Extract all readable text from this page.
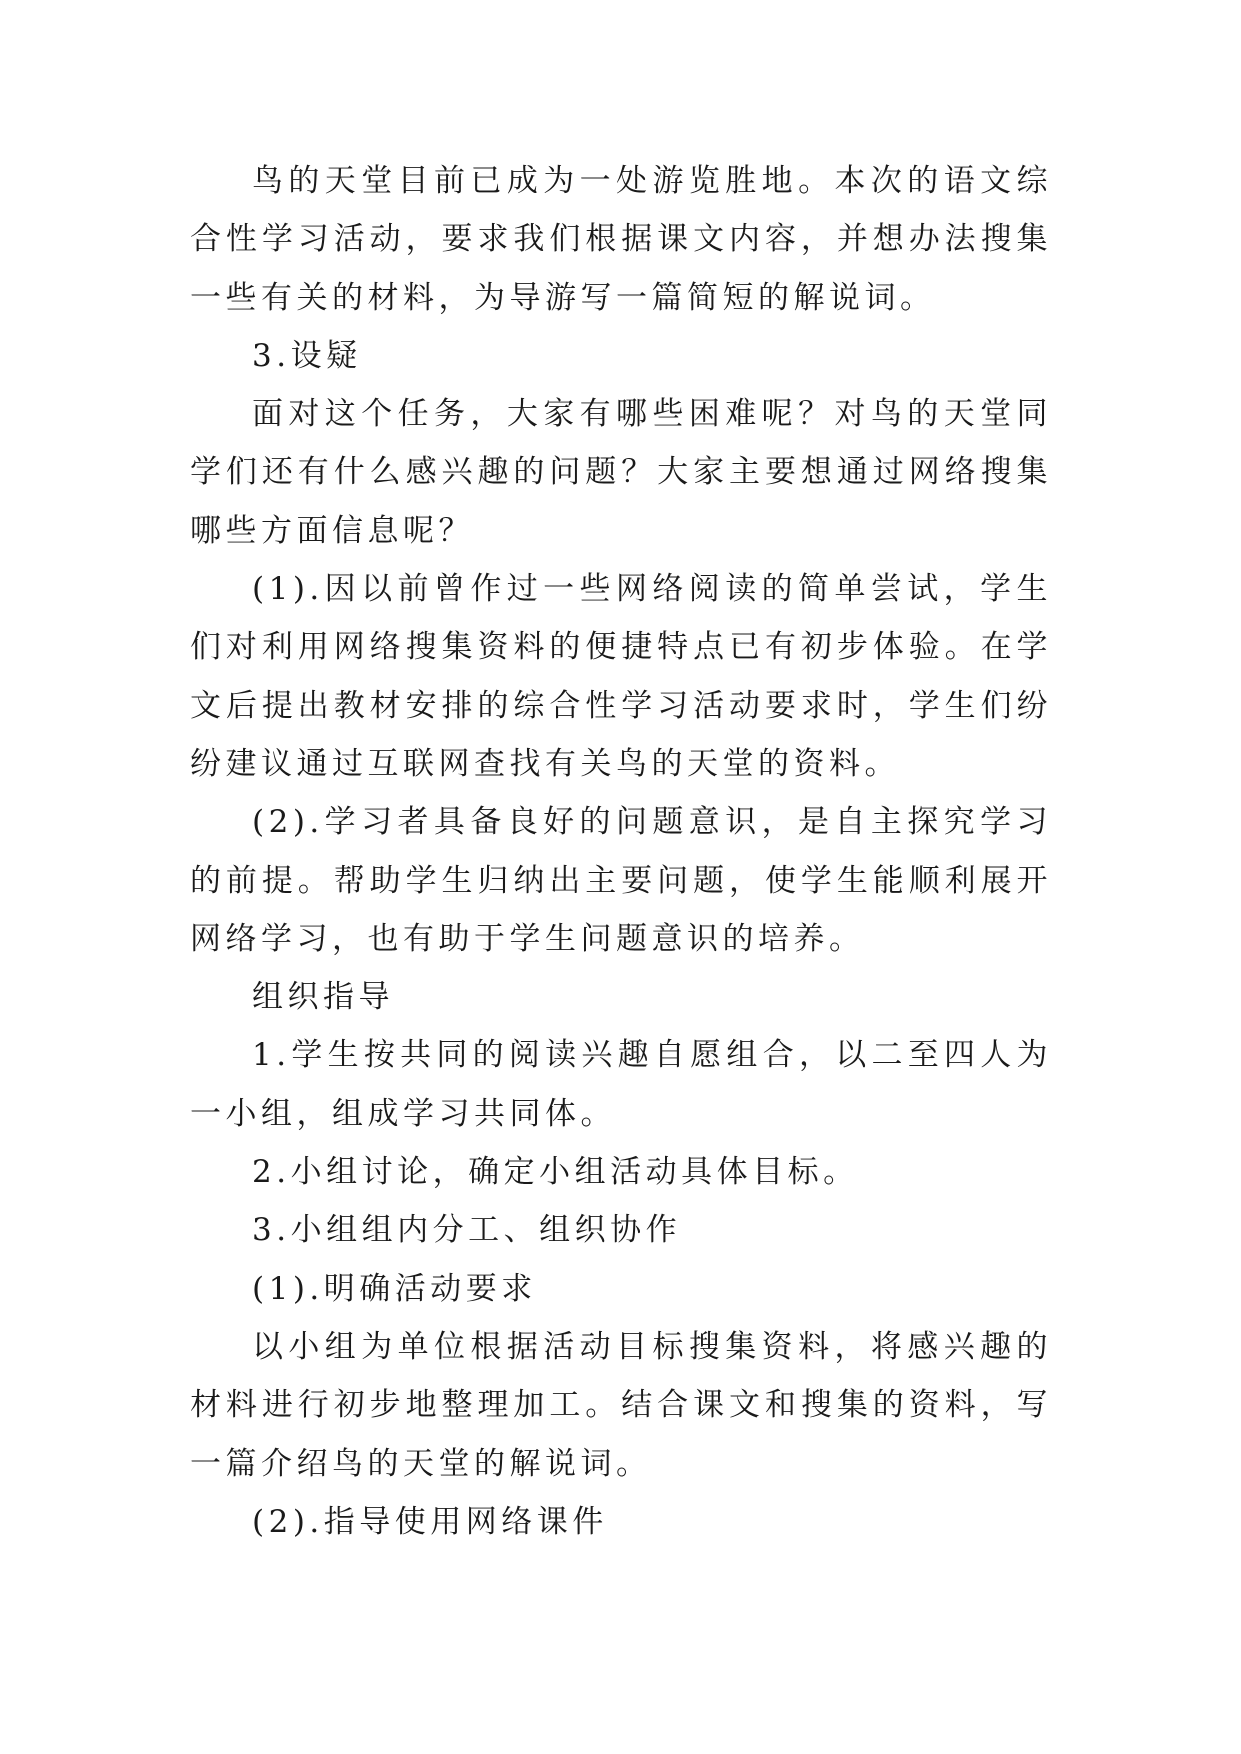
鸟的天堂目前已成为一处游览胜地。本次的语文综合性学习活动，要求我们根据课文内容，并想办法搜集一些有关的材料，为导游写一篇简短的解说词。

3.设疑

面对这个任务，大家有哪些困难呢？对鸟的天堂同学们还有什么感兴趣的问题？大家主要想通过网络搜集哪些方面信息呢？

(1).因以前曾作过一些网络阅读的简单尝试，学生们对利用网络搜集资料的便捷特点已有初步体验。在学文后提出教材安排的综合性学习活动要求时，学生们纷纷建议通过互联网查找有关鸟的天堂的资料。

(2).学习者具备良好的问题意识，是自主探究学习的前提。帮助学生归纳出主要问题，使学生能顺利展开网络学习，也有助于学生问题意识的培养。

组织指导

1.学生按共同的阅读兴趣自愿组合，以二至四人为一小组，组成学习共同体。

2.小组讨论，确定小组活动具体目标。

3.小组组内分工、组织协作

(1).明确活动要求

以小组为单位根据活动目标搜集资料，将感兴趣的材料进行初步地整理加工。结合课文和搜集的资料，写一篇介绍鸟的天堂的解说词。

(2).指导使用网络课件
